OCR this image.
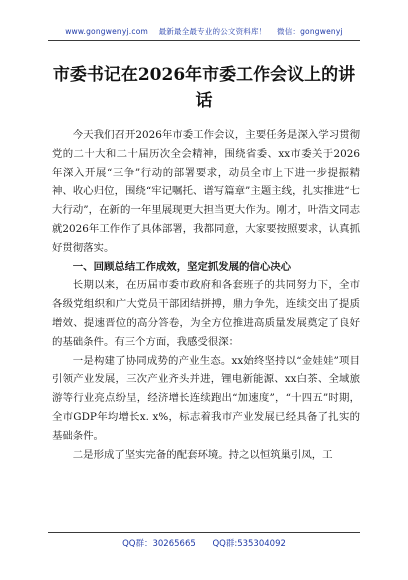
www.gongwenyj.com 最新最全最专业的公文资料库！ 微信：gongwenyj
市委书记在2026年市委工作会议上的讲话

今天我们召开2026年市委工作会议，主要任务是深入学习贯彻党的二十大和二十届历次全会精神，围绕省委、xx市委关于2026年深入开展“三争”行动的部署要求，动员全市上下进一步提振精神、收心归位，围绕“牢记嘱托、谱写篇章”主题主线，扎实推进“七大行动”，在新的一年里展现更大担当更大作为。刚才，叶浩文同志就2026年工作作了具体部署，我都同意，大家要按照要求，认真抓好贯彻落实。

一、回顾总结工作成效，坚定抓发展的信心决心

长期以来，在历届市委市政府和各套班子的共同努力下，全市各级党组织和广大党员干部团结拼搏，鼎力争先，连续交出了提质增效、提速晋位的高分答卷，为全方位推进高质量发展奠定了良好的基础条件。有三个方面，我感受很深：

一是构建了协同成势的产业生态。xx始终坚持以“金娃娃”项目引领产业发展，三次产业齐头并进，锂电新能源、xx白茶、全域旅游等行业亮点纷呈，经济增长连续跑出“加速度”，“十四五”时期，全市GDP年均增长x. x%，标志着我市产业发展已经具备了扎实的基础条件。

二是形成了坚实完备的配套环境。持之以恒筑巢引凤，工

QQ群：30265665 QQ群:535304092
